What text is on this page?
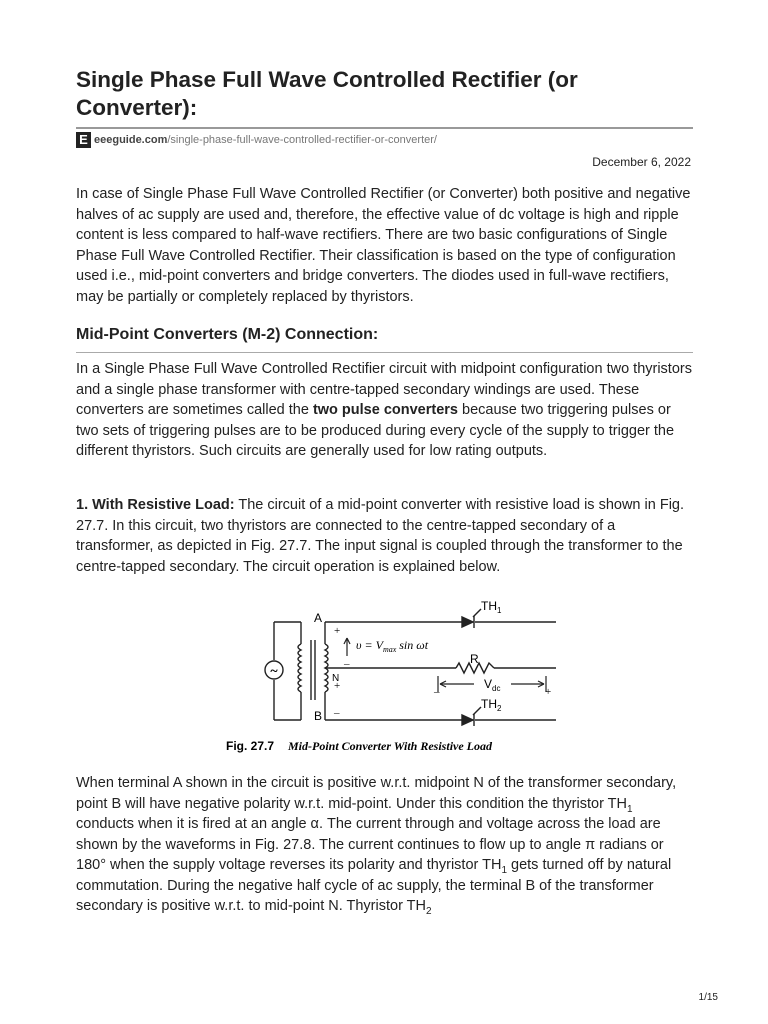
Single Phase Full Wave Controlled Rectifier (or Converter):
E eeeguide.com /single-phase-full-wave-controlled-rectifier-or-converter/
December 6, 2022

In case of Single Phase Full Wave Controlled Rectifier (or Converter) both positive and negative halves of ac supply are used and, therefore, the effective value of dc voltage is high and ripple content is less compared to half-wave rectifiers. There are two basic configurations of Single Phase Full Wave Controlled Rectifier. Their classification is based on the type of configuration used i.e., mid-point converters and bridge converters. The diodes used in full-wave rectifiers, may be partially or completely replaced by thyristors.

Mid-Point Converters (M-2) Connection:

In a Single Phase Full Wave Controlled Rectifier circuit with midpoint configuration two thyristors and a single phase transformer with centre-tapped secondary windings are used. These converters are sometimes called the two pulse converters because two triggering pulses or two sets of triggering pulses are to be produced during every cycle of the supply to trigger the different thyristors. Such circuits are generally used for low rating outputs.

1. With Resistive Load: The circuit of a mid-point converter with resistive load is shown in Fig. 27.7. In this circuit, two thyristors are connected to the centre-tapped secondary of a transformer, as depicted in Fig. 27.7. The input signal is coupled through the transformer to the centre-tapped secondary. The circuit operation is explained below.

~
$TH_1$
$TH_2$
A
B
N
+
+
–
–
–	+
$\upsilon = V_{max}$ sin ωt
R
$V_{dc}$
Fig. 27.7 Mid-Point Converter With Resistive Load

When terminal A shown in the circuit is positive w.r.t. midpoint N of the transformer secondary, point B will have negative polarity w.r.t. mid-point. Under this condition the thyristor $TH_1$ conducts when it is fired at an angle α. The current through and voltage across the load are shown by the waveforms in Fig. 27.8. The current continues to flow up to angle π radians or 180° when the supply voltage reverses its polarity and thyristor $TH_1$ gets turned off by natural commutation. During the negative half cycle of ac supply, the terminal B of the transformer secondary is positive w.r.t. to mid-point N. Thyristor $TH_2$

1/15
